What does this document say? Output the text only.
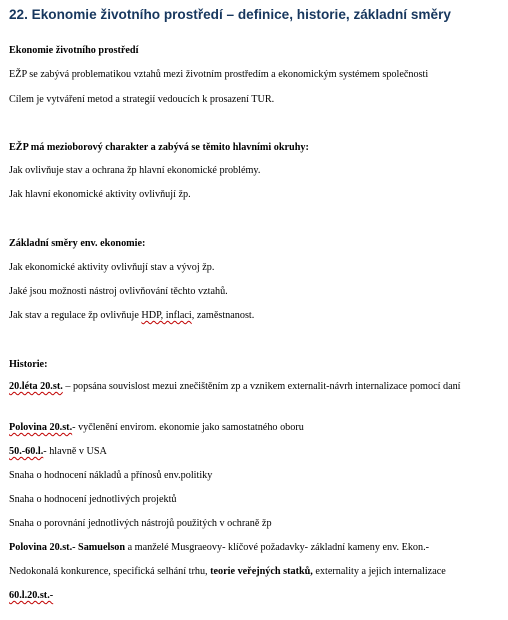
22. Ekonomie životního prostředí – definice, historie, základní směry
Ekonomie životního prostředí
EŽP se zabývá problematikou vztahů mezi životním prostředím a ekonomickým systémem společnosti
Cílem je vytváření metod a strategií vedoucích k prosazení TUR.
EŽP má mezioborový charakter a zabývá se těmito hlavními okruhy:
Jak ovlivňuje stav a ochrana žp hlavní ekonomické problémy.
Jak hlavní ekonomické aktivity ovlivňují žp.
Základní směry env. ekonomie:
Jak ekonomické aktivity ovlivňují stav a vývoj žp.
Jaké jsou možnosti nástroj ovlivňování těchto vztahů.
Jak stav a regulace žp ovlivňuje HDP, inflaci, zaměstnanost.
Historie:
20.léta 20.st. – popsána souvislost mezui znečištěním zp a vznikem externalit-návrh internalizace pomocí daní
Polovina 20.st.- vyčlenění envirom. ekonomie jako samostatného oboru
50.-60.l.- hlavně v USA
Snaha o hodnocení nákladů a přínosů env.politiky
Snaha o hodnocení jednotlivých projektů
Snaha o porovnání jednotlivých nástrojů použitých v ochraně žp
Polovina 20.st.- Samuelson a manželé Musgraeovy- klíčové požadavky- základní kameny env. Ekon.-
Nedokonalá konkurence, specifická selhání trhu, teorie veřejných statků, externality a jejich internalizace
60.l.20.st.-
